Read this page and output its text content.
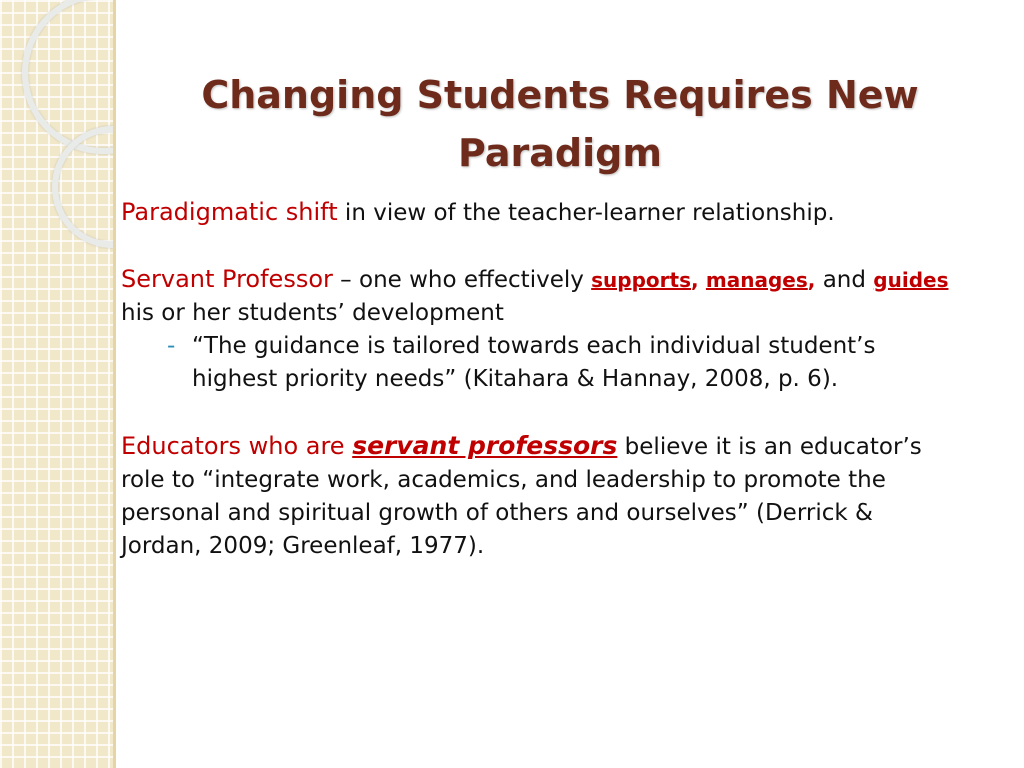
Changing Students Requires New Paradigm

Paradigmatic shift in view of the teacher-learner relationship.

Servant Professor – one who effectively supports, manages, and guides his or her students’ development

- “The guidance is tailored towards each individual student’s highest priority needs” (Kitahara & Hannay, 2008, p. 6).

Educators who are servant professors believe it is an educator’s role to “integrate work, academics, and leadership to promote the personal and spiritual growth of others and ourselves” (Derrick & Jordan, 2009; Greenleaf, 1977).
